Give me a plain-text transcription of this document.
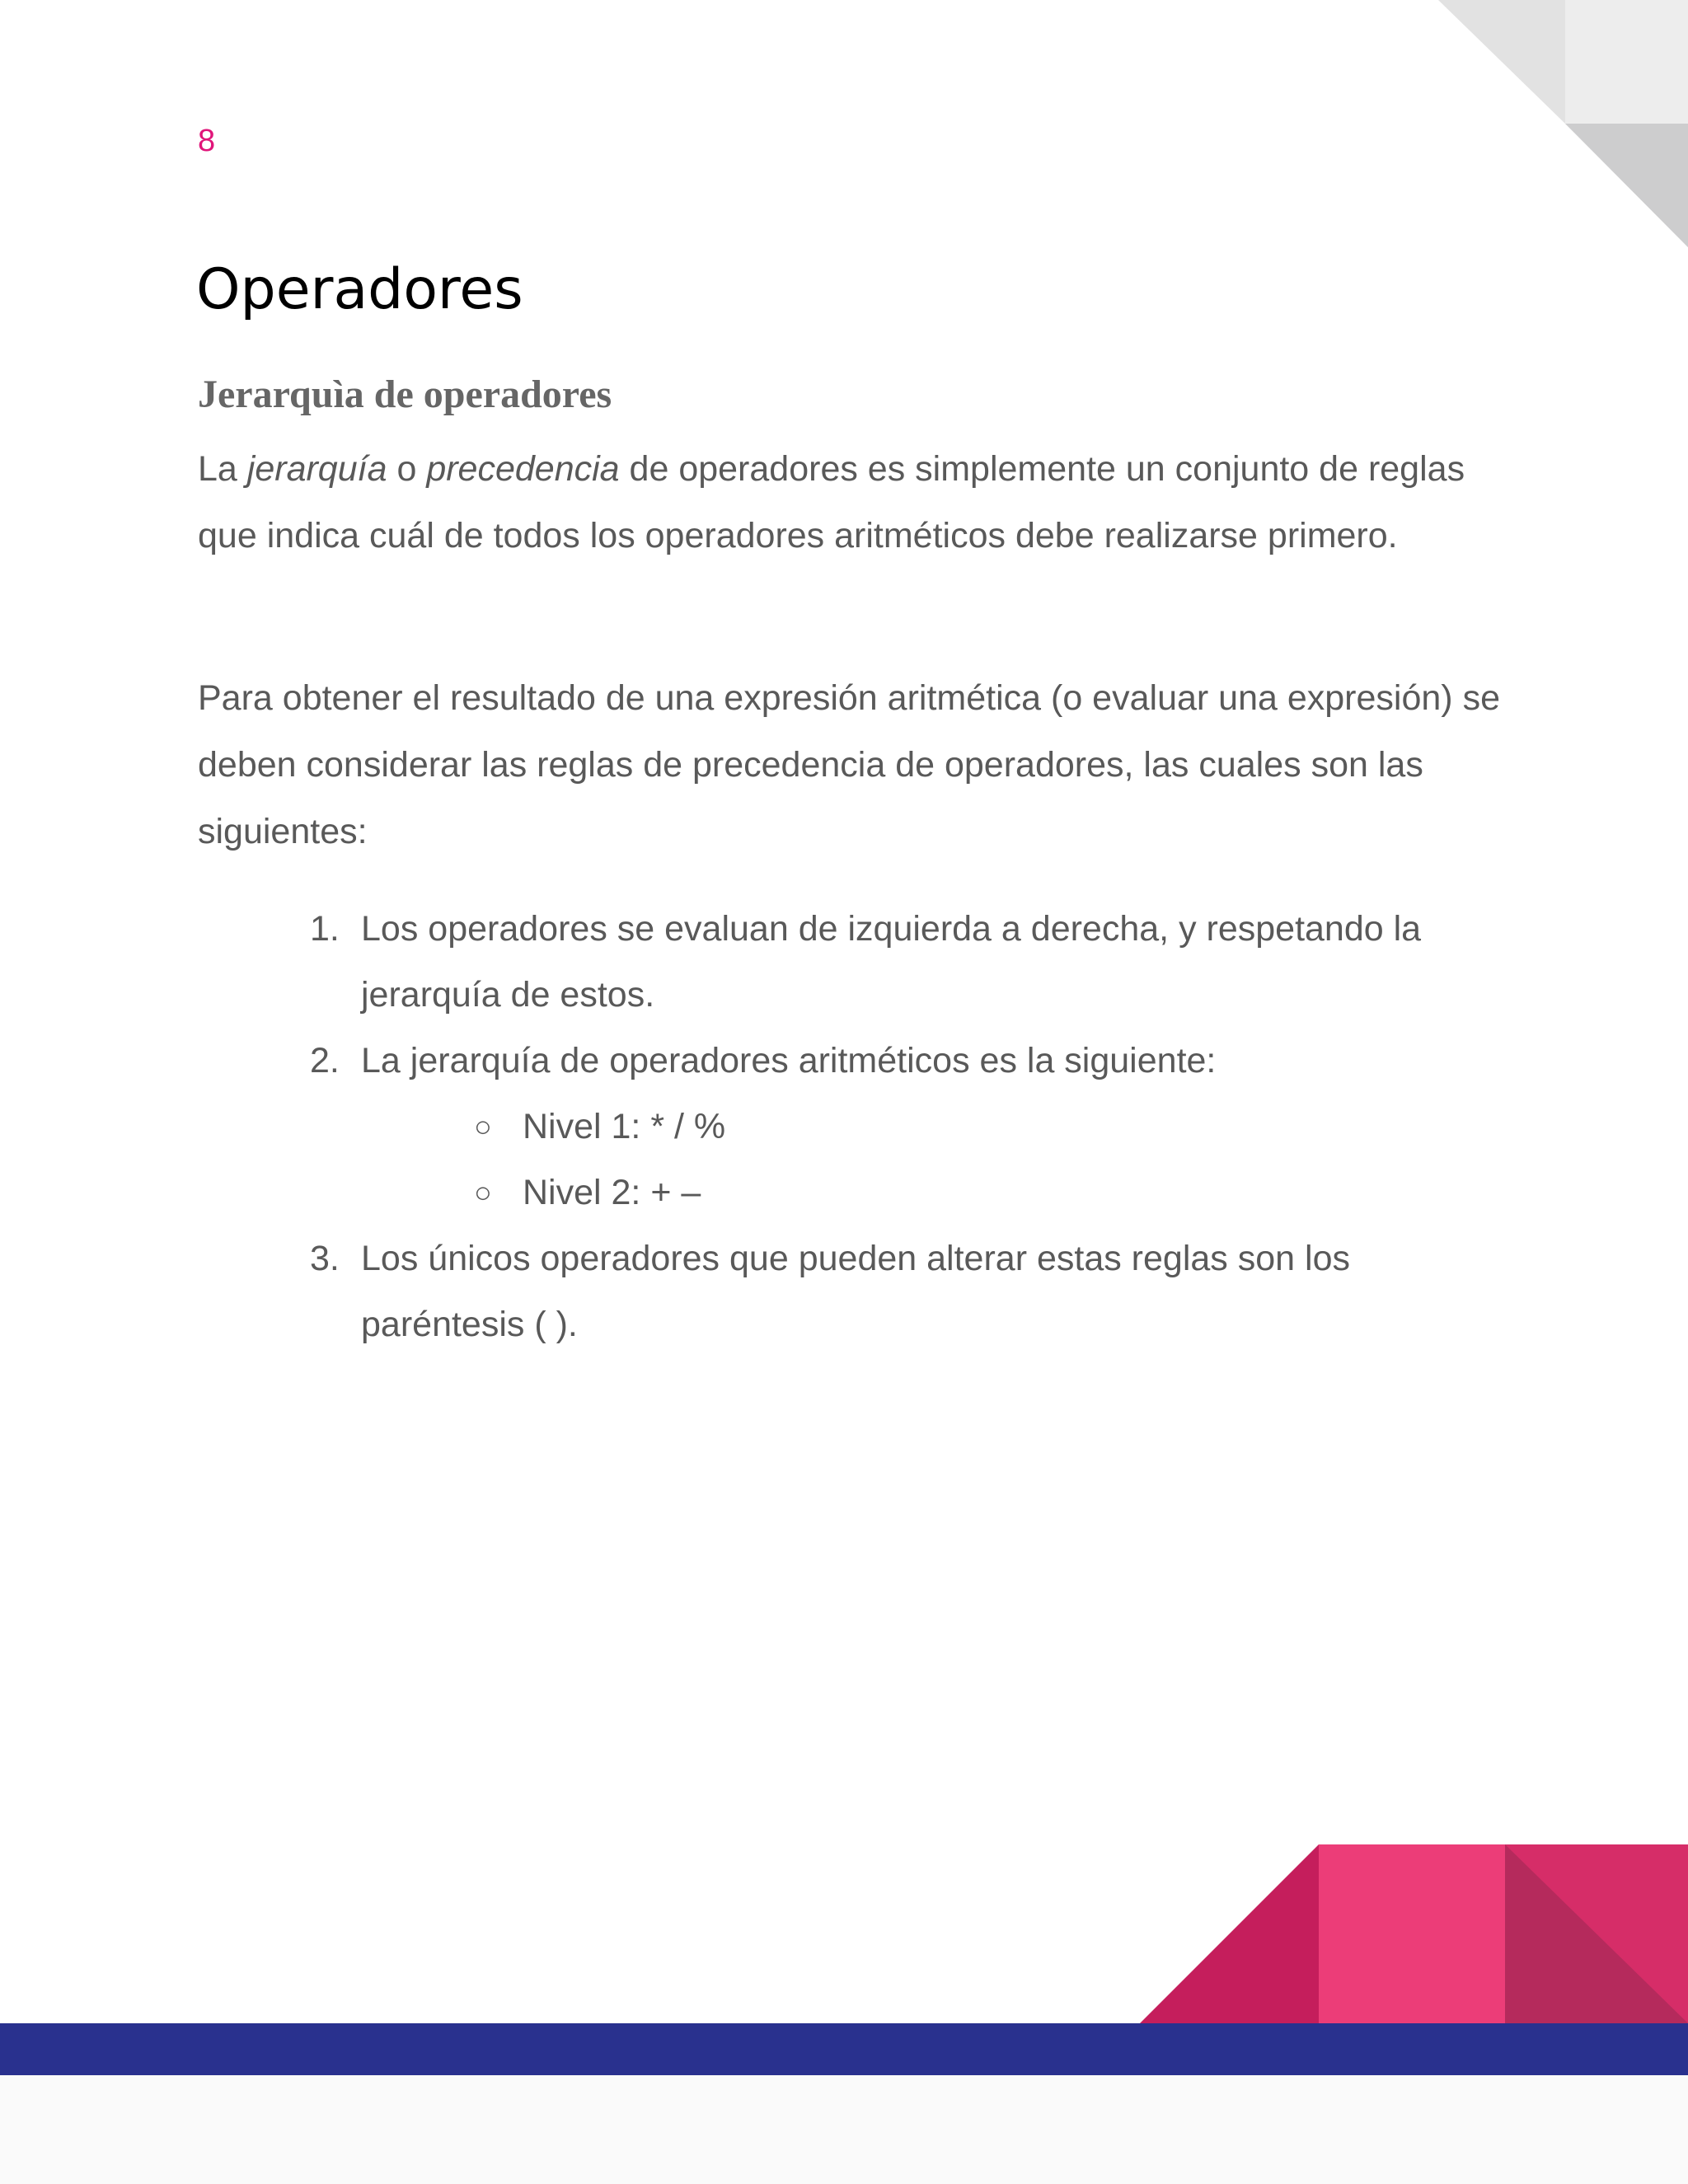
8
Operadores
Jerarquìa de operadores

La jerarquía o precedencia de operadores es simplemente un conjunto de reglas que indica cuál de todos los operadores aritméticos debe realizarse primero.

Para obtener el resultado de una expresión aritmética (o evaluar una expresión) se deben considerar las reglas de precedencia de operadores, las cuales son las siguientes:

1. Los operadores se evaluan de izquierda a derecha, y respetando la jerarquía de estos.
2. La jerarquía de operadores aritméticos es la siguiente:
○ Nivel 1: * / %
○ Nivel 2: + –
3. Los únicos operadores que pueden alterar estas reglas son los paréntesis ( ).
